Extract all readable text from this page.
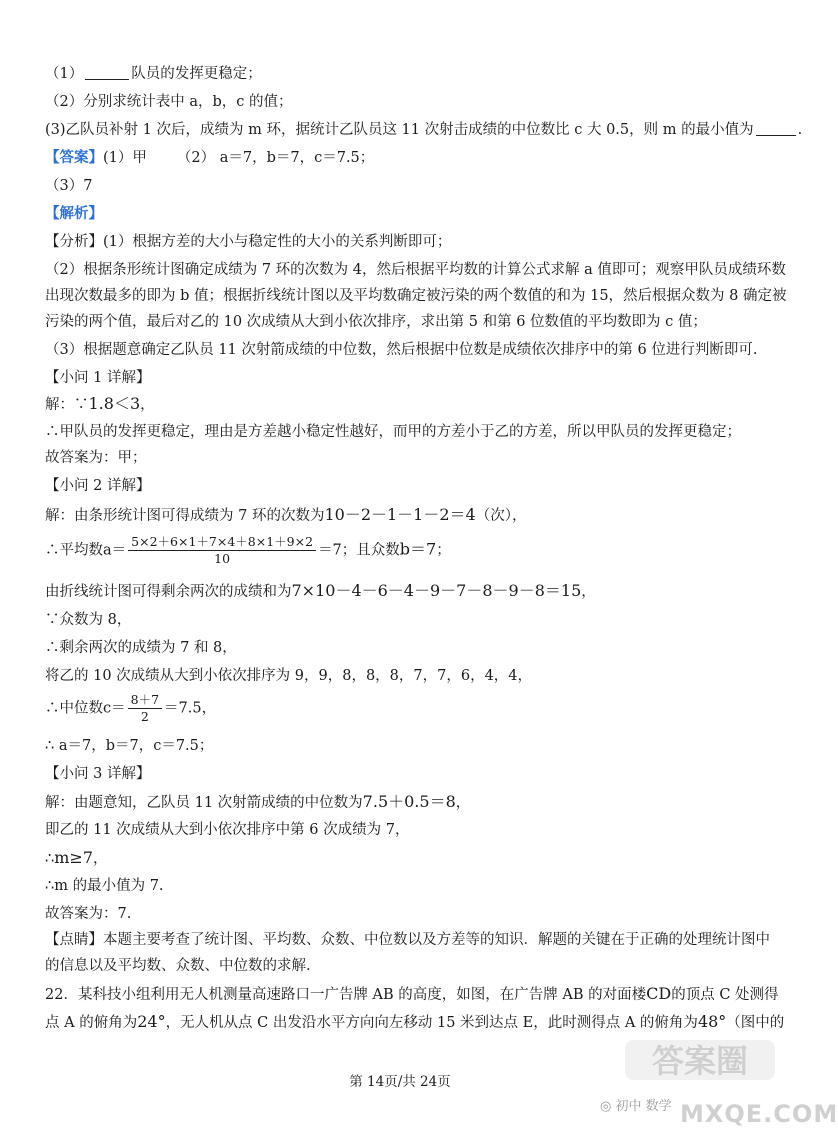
（1）	队员的发挥更稳定；
（2）分别求统计表中 a，b，c 的值；
(3)乙队员补射 1 次后，成绩为 m 环，据统计乙队员这 11 次射击成绩的中位数比 c 大 0.5，则 m 的最小值为	.
【答案】(1）甲 （2） a＝7，b＝7，c＝7.5；
（3）7
【解析】
【分析】(1）根据方差的大小与稳定性的大小的关系判断即可；
（2）根据条形统计图确定成绩为 7 环的次数为 4，然后根据平均数的计算公式求解 a 值即可；观察甲队员成绩环数
出现次数最多的即为 b 值；根据折线统计图以及平均数确定被污染的两个数值的和为 15，然后根据众数为 8 确定被
污染的两个值，最后对乙的 10 次成绩从大到小依次排序，求出第 5 和第 6 位数值的平均数即为 c 值；
（3）根据题意确定乙队员 11 次射箭成绩的中位数，然后根据中位数是成绩依次排序中的第 6 位进行判断即可.
【小问 1 详解】
解：∵1.8＜3，
∴甲队员的发挥更稳定，理由是方差越小稳定性越好，而甲的方差小于乙的方差，所以甲队员的发挥更稳定；
故答案为：甲；
【小问 2 详解】
解：由条形统计图可得成绩为 7 环的次数为10－2－1－1－2＝4（次），
∴平均数$a= \frac{5\times 2+6\times 1+7\times 4+8\times 1+9\times 2}{10} =7$；且众数b＝7；
由折线统计图可得剩余两次的成绩和为7×10－4－6－4－9－7－8－9－8＝15，
∵众数为 8，
∴剩余两次的成绩为 7 和 8，
将乙的 10 次成绩从大到小依次排序为 9，9，8，8，8，7，7，6，4，4，
∴中位数$c= \frac{8+7}{2} =7.5$，
∴ a＝7，b＝7，c＝7.5；
【小问 3 详解】
解：由题意知，乙队员 11 次射箭成绩的中位数为7.5＋0.5＝8，
即乙的 11 次成绩从大到小依次排序中第 6 次成绩为 7，
∴m≥7，
∴m 的最小值为 7.
故答案为：7.
【点睛】本题主要考查了统计图、平均数、众数、中位数以及方差等的知识．解题的关键在于正确的处理统计图中
的信息以及平均数、众数、中位数的求解.
22．某科技小组利用无人机测量高速路口一广告牌 AB 的高度，如图，在广告牌 AB 的对面楼CD的顶点 C 处测得
点 A 的俯角为24°，无人机从点 C 出发沿水平方向向左移动 15 米到达点 E，此时测得点 A 的俯角为48°（图中的
第 14页/共 24页
答案圈
◎ 初中 数学 MXQE.COM
